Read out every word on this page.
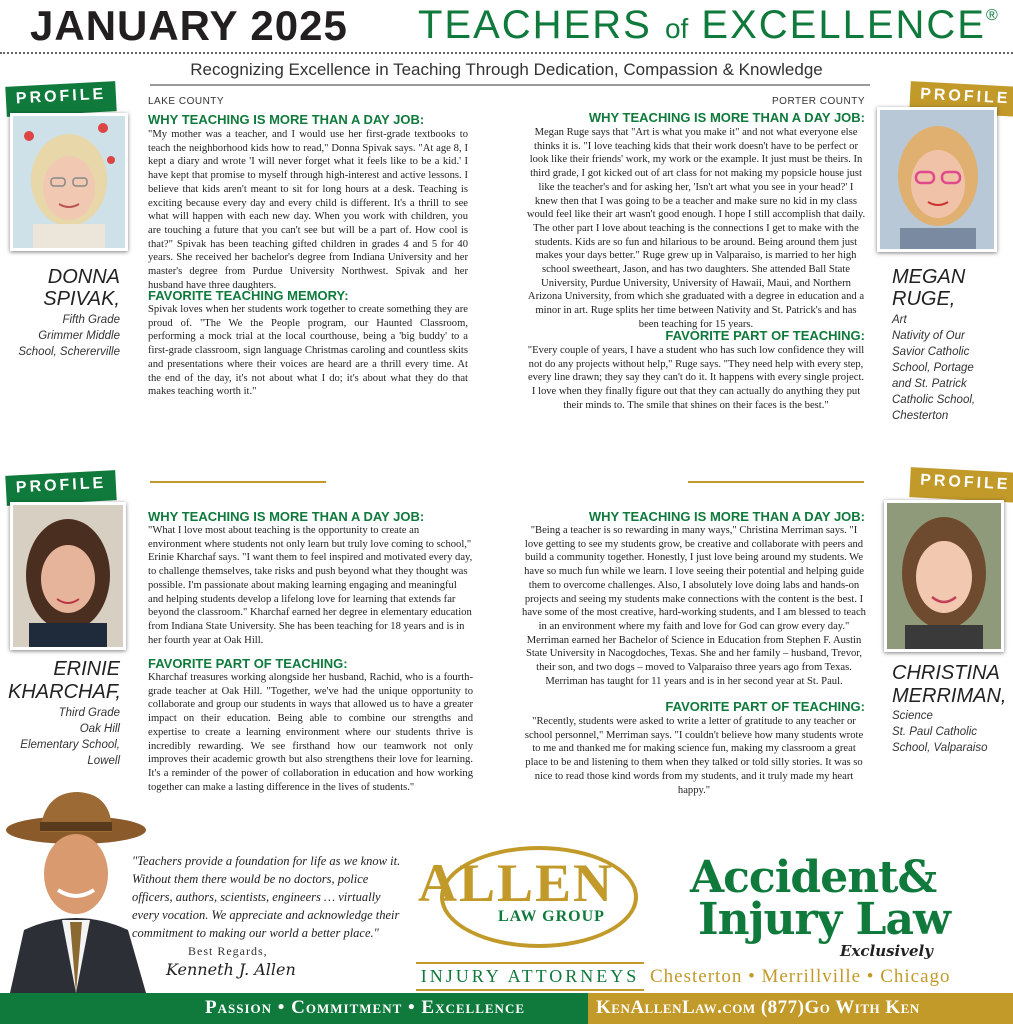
JANUARY 2025 TEACHERS of EXCELLENCE®
Recognizing Excellence in Teaching Through Dedication, Compassion & Knowledge
PROFILE
DONNA
SPIVAK,
Fifth Grade
Grimmer Middle
School, Schererville
LAKE COUNTY
WHY TEACHING IS MORE THAN A DAY JOB:
"My mother was a teacher, and I would use her first-grade textbooks to teach the neighborhood kids how to read," Donna Spivak says. "At age 8, I kept a diary and wrote 'I will never forget what it feels like to be a kid.' I have kept that promise to myself through high-interest and active lessons. I believe that kids aren't meant to sit for long hours at a desk. Teaching is exciting because every day and every child is different. It's a thrill to see what will happen with each new day. When you work with children, you are touching a future that you can't see but will be a part of. How cool is that?" Spivak has been teaching gifted children in grades 4 and 5 for 40 years. She received her bachelor's degree from Indiana University and her master's degree from Purdue University Northwest. Spivak and her husband have three daughters.
FAVORITE TEACHING MEMORY:
Spivak loves when her students work together to create something they are proud of. "The We the People program, our Haunted Classroom, performing a mock trial at the local courthouse, being a 'big buddy' to a first-grade classroom, sign language Christmas caroling and countless skits and presentations where their voices are heard are a thrill every time. At the end of the day, it's not about what I do; it's about what they do that makes teaching worth it."
PROFILE
MEGAN
RUGE,
Art
Nativity of Our
Savior Catholic
School, Portage
and St. Patrick
Catholic School,
Chesterton
PORTER COUNTY
WHY TEACHING IS MORE THAN A DAY JOB:
Megan Ruge says that "Art is what you make it" and not what everyone else thinks it is. "I love teaching kids that their work doesn't have to be perfect or look like their friends' work, my work or the example. It just must be theirs. In third grade, I got kicked out of art class for not making my popsicle house just like the teacher's and for asking her, 'Isn't art what you see in your head?' I knew then that I was going to be a teacher and make sure no kid in my class would feel like their art wasn't good enough. I hope I still accomplish that daily. The other part I love about teaching is the connections I get to make with the students. Kids are so fun and hilarious to be around. Being around them just makes your days better." Ruge grew up in Valparaiso, is married to her high school sweetheart, Jason, and has two daughters. She attended Ball State University, Purdue University, University of Hawaii, Maui, and Northern Arizona University, from which she graduated with a degree in education and a minor in art. Ruge splits her time between Nativity and St. Patrick's and has been teaching for 15 years.
FAVORITE PART OF TEACHING:
"Every couple of years, I have a student who has such low confidence they will not do any projects without help," Ruge says. "They need help with every step, every line drawn; they say they can't do it. It happens with every single project. I love when they finally figure out that they can actually do anything they put their minds to. The smile that shines on their faces is the best."
PROFILE
ERINIE
KHARCHAF,
Third Grade
Oak Hill
Elementary School,
Lowell
WHY TEACHING IS MORE THAN A DAY JOB:
"What I love most about teaching is the opportunity to create an environment where students not only learn but truly love coming to school," Erinie Kharchaf says. "I want them to feel inspired and motivated every day, to challenge themselves, take risks and push beyond what they thought was possible. I'm passionate about making learning engaging and meaningful and helping students develop a lifelong love for learning that extends far beyond the classroom." Kharchaf earned her degree in elementary education from Indiana State University. She has been teaching for 18 years and is in her fourth year at Oak Hill.
FAVORITE PART OF TEACHING:
Kharchaf treasures working alongside her husband, Rachid, who is a fourth-grade teacher at Oak Hill. "Together, we've had the unique opportunity to collaborate and group our students in ways that allowed us to have a greater impact on their education. Being able to combine our strengths and expertise to create a learning environment where our students thrive is incredibly rewarding. We see firsthand how our teamwork not only improves their academic growth but also strengthens their love for learning. It's a reminder of the power of collaboration in education and how working together can make a lasting difference in the lives of students."
PROFILE
CHRISTINA
MERRIMAN,
Science
St. Paul Catholic
School, Valparaiso
WHY TEACHING IS MORE THAN A DAY JOB:
"Being a teacher is so rewarding in many ways," Christina Merriman says. "I love getting to see my students grow, be creative and collaborate with peers and build a community together. Honestly, I just love being around my students. We have so much fun while we learn. I love seeing their potential and helping guide them to overcome challenges. Also, I absolutely love doing labs and hands-on projects and seeing my students make connections with the content is the best. I have some of the most creative, hard-working students, and I am blessed to teach in an environment where my faith and love for God can grow every day." Merriman earned her Bachelor of Science in Education from Stephen F. Austin State University in Nacogdoches, Texas. She and her family – husband, Trevor, their son, and two dogs – moved to Valparaiso three years ago from Texas. Merriman has taught for 11 years and is in her second year at St. Paul.
FAVORITE PART OF TEACHING:
"Recently, students were asked to write a letter of gratitude to any teacher or school personnel," Merriman says. "I couldn't believe how many students wrote to me and thanked me for making science fun, making my classroom a great place to be and listening to them when they talked or told silly stories. It was so nice to read those kind words from my students, and it truly made my heart happy."
"Teachers provide a foundation for life as we know it. Without them there would be no doctors, police officers, authors, scientists, engineers … virtually every vocation. We appreciate and acknowledge their commitment to making our world a better place."
Best Regards,
Kenneth J. Allen
ALLEN
LAW GROUP
INJURY ATTORNEYS
Accident&
Injury Law
Exclusively
Chesterton • Merrillville • Chicago
Passion • Commitment • Excellence	KenAllenLaw.com (877)Go With Ken
